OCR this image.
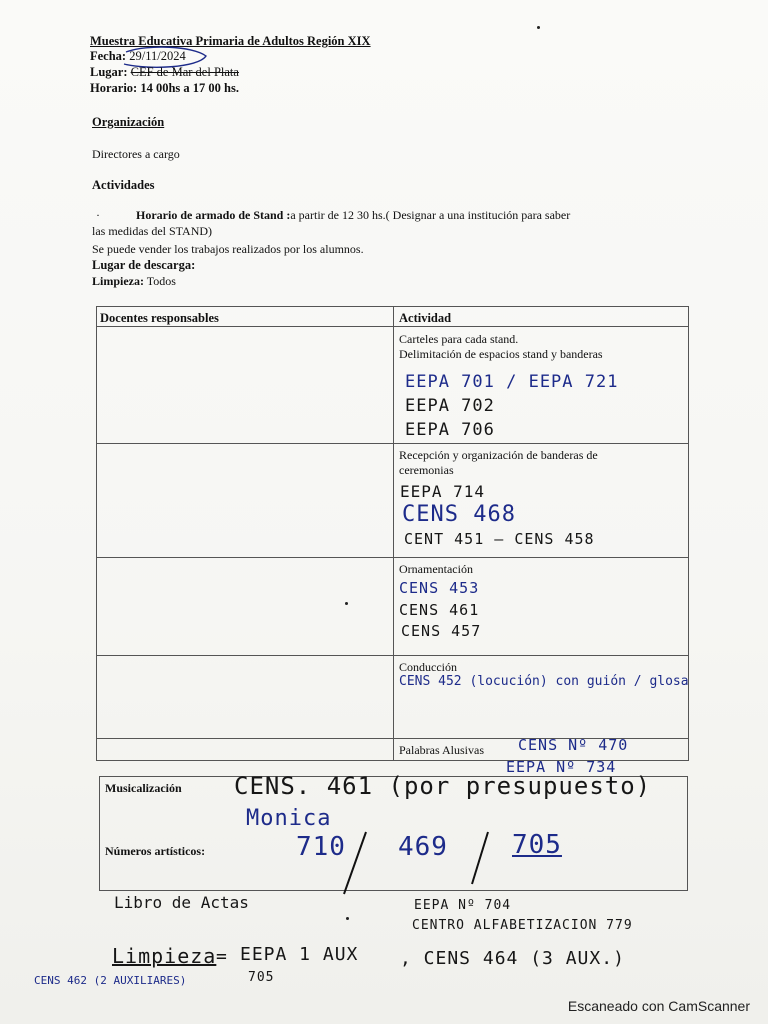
Muestra Educativa Primaria de Adultos Región XIX
Fecha: 29/11/2024
Lugar: CEF de Mar del Plata
Horario: 14 00hs a 17 00 hs.
Organización
Directores a cargo
Actividades
·	Horario de armado de Stand :a partir de 12 30 hs.( Designar a una institución para saber
las medidas del STAND)
Se puede vender los trabajos realizados por los alumnos.
Lugar de descarga:
Limpieza: Todos
Docentes responsables	Actividad
Carteles para cada stand.
Delimitación de espacios stand y banderas
EEPA 701 / EEPA 721
EEPA 702
EEPA 706
Recepción y organización de banderas de
ceremonias
EEPA 714
CENS 468
CENT 451 – CENS 458
Ornamentación
CENS 453
CENS 461
CENS 457
Conducción
CENS 452 (locución) con guión / glosa
Palabras Alusivas CENS Nº 470
EEPA Nº 734
Musicalización CENS. 461 (por presupuesto)
Números artísticos:
Monica
710 469 705
Libro de Actas	EEPA Nº 704
CENTRO ALFABETIZACION 779
Limpieza = EEPA 1 AUX , CENS 464 (3 AUX.)
705
CENS 462 (2 AUXILIARES)
Escaneado con CamScanner
